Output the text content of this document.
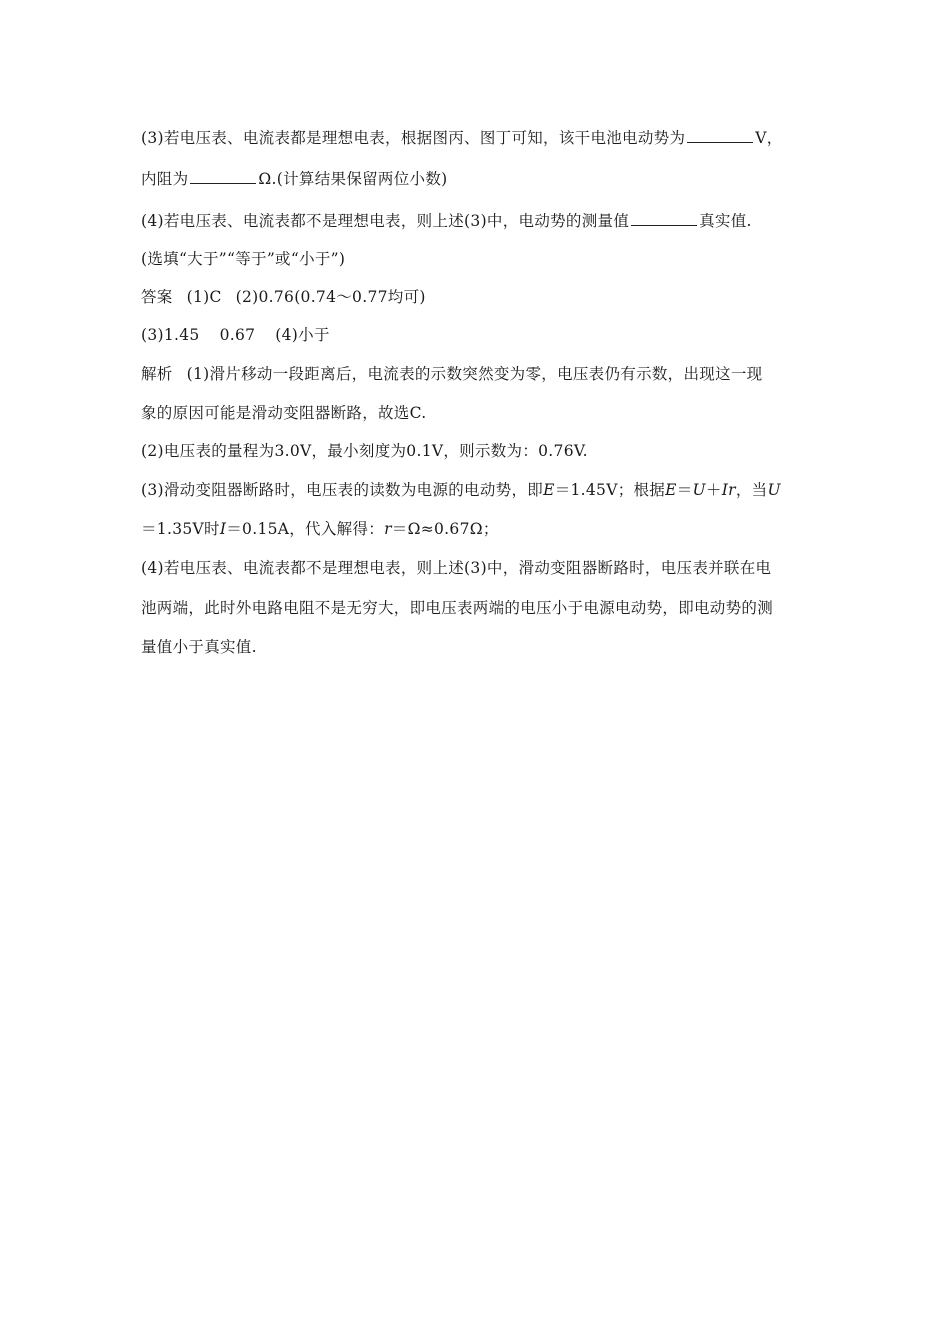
(3)若电压表、电流表都是理想电表，根据图丙、图丁可知，该干电池电动势为	V，
内阻为	Ω.(计算结果保留两位小数)
(4)若电压表、电流表都不是理想电表，则上述(3)中，电动势的测量值	真实值.
(选填“大于”“等于”或“小于”)
答案 (1)C (2)0.76(0.74～0.77均可)
(3)1.45 0.67 (4)小于
解析 (1)滑片移动一段距离后，电流表的示数突然变为零，电压表仍有示数，出现这一现
象的原因可能是滑动变阻器断路，故选C.
(2)电压表的量程为3.0V，最小刻度为0.1V，则示数为：0.76V.
(3)滑动变阻器断路时，电压表的读数为电源的电动势，即E＝1.45V；根据E＝U＋Ir，当U
＝1.35V时I＝0.15A，代入解得：r＝Ω≈0.67Ω；
(4)若电压表、电流表都不是理想电表，则上述(3)中，滑动变阻器断路时，电压表并联在电
池两端，此时外电路电阻不是无穷大，即电压表两端的电压小于电源电动势，即电动势的测
量值小于真实值.
